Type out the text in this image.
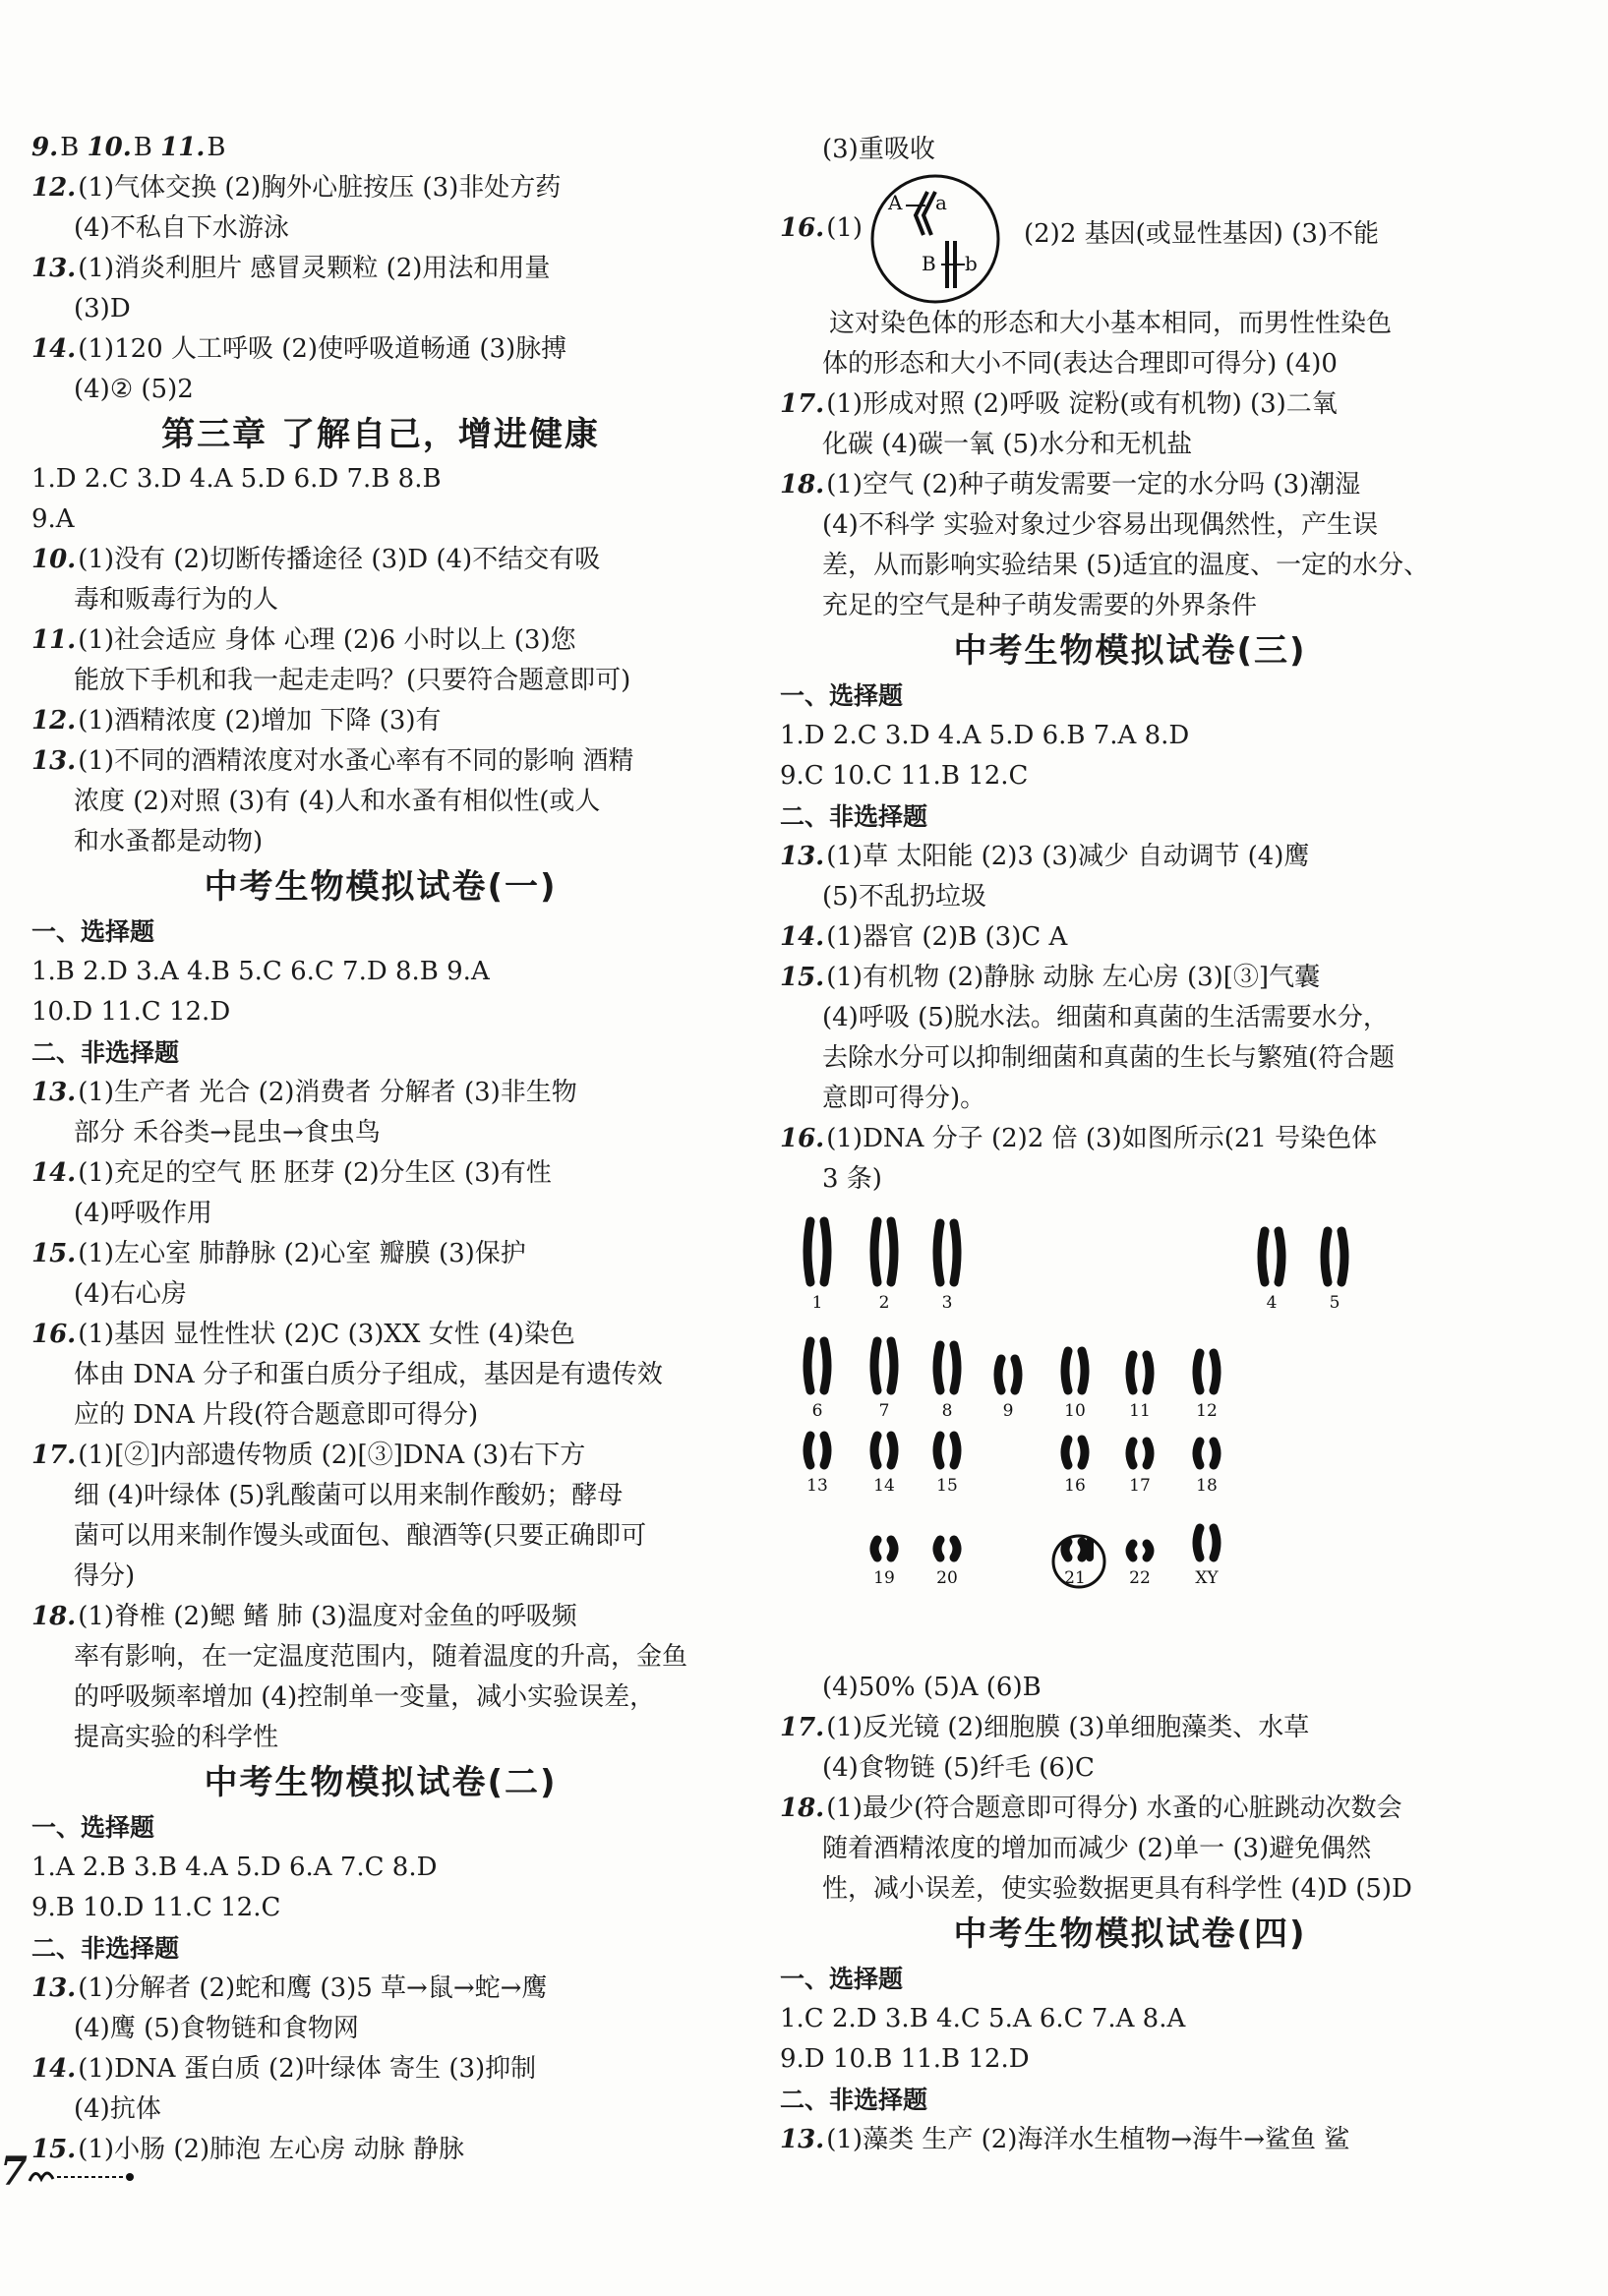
9.B 10.B 11.B
12.(1)气体交换 (2)胸外心脏按压 (3)非处方药
(4)不私自下水游泳
13.(1)消炎利胆片 感冒灵颗粒 (2)用法和用量
(3)D
14.(1)120 人工呼吸 (2)使呼吸道畅通 (3)脉搏
(4)② (5)2
第三章 了解自己，增进健康
1.D 2.C 3.D 4.A 5.D 6.D 7.B 8.B
9.A
10.(1)没有 (2)切断传播途径 (3)D (4)不结交有吸
毒和贩毒行为的人
11.(1)社会适应 身体 心理 (2)6 小时以上 (3)您
能放下手机和我一起走走吗？(只要符合题意即可)
12.(1)酒精浓度 (2)增加 下降 (3)有
13.(1)不同的酒精浓度对水蚤心率有不同的影响 酒精
浓度 (2)对照 (3)有 (4)人和水蚤有相似性(或人
和水蚤都是动物)
中考生物模拟试卷(一)
一、选择题
1.B 2.D 3.A 4.B 5.C 6.C 7.D 8.B 9.A
10.D 11.C 12.D
二、非选择题
13.(1)生产者 光合 (2)消费者 分解者 (3)非生物
部分 禾谷类→昆虫→食虫鸟
14.(1)充足的空气 胚 胚芽 (2)分生区 (3)有性
(4)呼吸作用
15.(1)左心室 肺静脉 (2)心室 瓣膜 (3)保护
(4)右心房
16.(1)基因 显性性状 (2)C (3)XX 女性 (4)染色
体由 DNA 分子和蛋白质分子组成，基因是有遗传效
应的 DNA 片段(符合题意即可得分)
17.(1)[②]内部遗传物质 (2)[③]DNA (3)右下方
细 (4)叶绿体 (5)乳酸菌可以用来制作酸奶；酵母
菌可以用来制作馒头或面包、酿酒等(只要正确即可
得分)
18.(1)脊椎 (2)鳃 鳍 肺 (3)温度对金鱼的呼吸频
率有影响，在一定温度范围内，随着温度的升高，金鱼
的呼吸频率增加 (4)控制单一变量，减小实验误差，
提高实验的科学性
中考生物模拟试卷(二)
一、选择题
1.A 2.B 3.B 4.A 5.D 6.A 7.C 8.D
9.B 10.D 11.C 12.C
二、非选择题
13.(1)分解者 (2)蛇和鹰 (3)5 草→鼠→蛇→鹰
(4)鹰 (5)食物链和食物网
14.(1)DNA 蛋白质 (2)叶绿体 寄生 (3)抑制
(4)抗体
15.(1)小肠 (2)肺泡 左心房 动脉 静脉
7
(3)重吸收
16.(1)
A a
B b
(2)2 基因(或显性基因) (3)不能
这对染色体的形态和大小基本相同，而男性性染色
体的形态和大小不同(表达合理即可得分) (4)0
17.(1)形成对照 (2)呼吸 淀粉(或有机物) (3)二氧
化碳 (4)碳一氧 (5)水分和无机盐
18.(1)空气 (2)种子萌发需要一定的水分吗 (3)潮湿
(4)不科学 实验对象过少容易出现偶然性，产生误
差，从而影响实验结果 (5)适宜的温度、一定的水分、
充足的空气是种子萌发需要的外界条件
中考生物模拟试卷(三)
一、选择题
1.D 2.C 3.D 4.A 5.D 6.B 7.A 8.D
9.C 10.C 11.B 12.C
二、非选择题
13.(1)草 太阳能 (2)3 (3)减少 自动调节 (4)鹰
(5)不乱扔垃圾
14.(1)器官 (2)B (3)C A
15.(1)有机物 (2)静脉 动脉 左心房 (3)[③]气囊
(4)呼吸 (5)脱水法。细菌和真菌的生活需要水分，
去除水分可以抑制细菌和真菌的生长与繁殖(符合题
意即可得分)。
16.(1)DNA 分子 (2)2 倍 (3)如图所示(21 号染色体
3 条)
1	2	3	4	5
6	7	8	9	10	11	12
13	14 15	16	17	18
19 20	21	22	XY
(4)50% (5)A (6)B
17.(1)反光镜 (2)细胞膜 (3)单细胞藻类、水草
(4)食物链 (5)纤毛 (6)C
18.(1)最少(符合题意即可得分) 水蚤的心脏跳动次数会
随着酒精浓度的增加而减少 (2)单一 (3)避免偶然
性，减小误差，使实验数据更具有科学性 (4)D (5)D
中考生物模拟试卷(四)
一、选择题
1.C 2.D 3.B 4.C 5.A 6.C 7.A 8.A
9.D 10.B 11.B 12.D
二、非选择题
13.(1)藻类 生产 (2)海洋水生植物→海牛→鲨鱼 鲨
